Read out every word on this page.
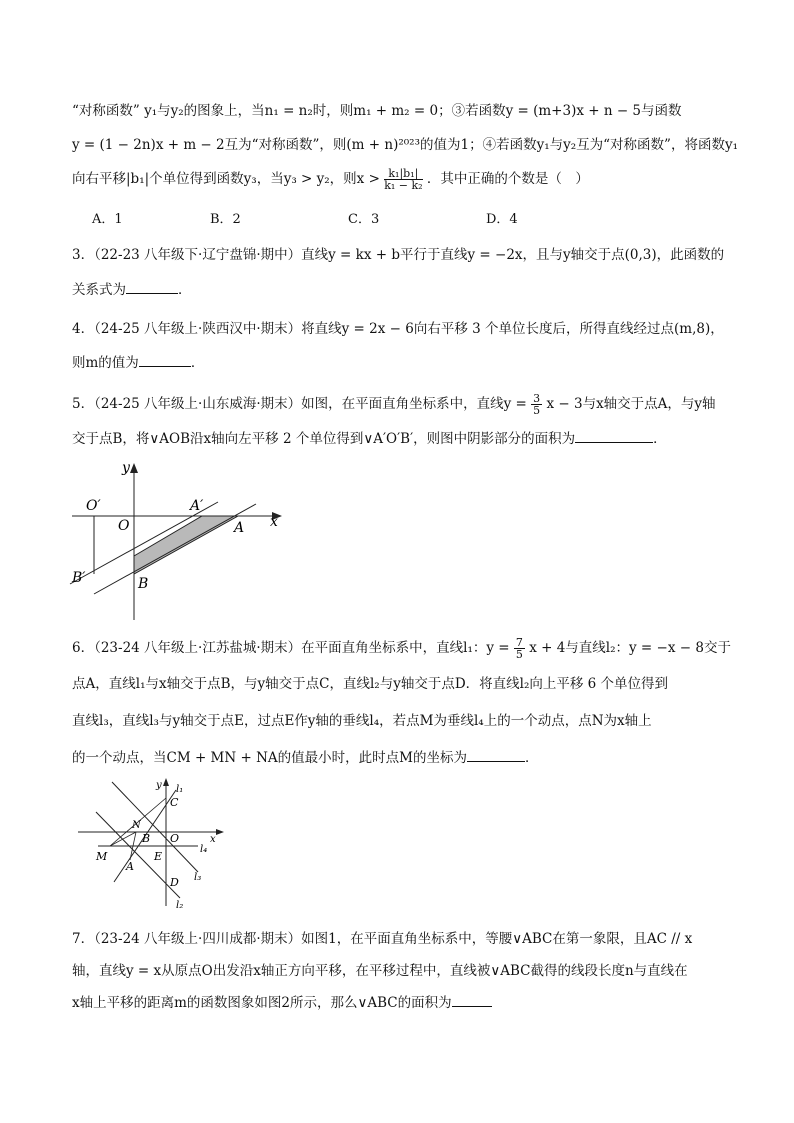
“对称函数” y₁与y₂的图象上，当n₁ = n₂时，则m₁ + m₂ = 0；③若函数y = (m+3)x + n − 5与函数
y = (1 − 2n)x + m − 2互为“对称函数”，则(m + n)²⁰²³的值为1；④若函数y₁与y₂互为“对称函数”，将函数y₁
向右平移|b₁|个单位得到函数y₃，当y₃ > y₂，则$x > \frac{\text{k₁|b₁|}}{\text{k₁ − k₂}}$ ．其中正确的个数是（　）
A．1	B．2	C．3	D．4
3．（22-23 八年级下·辽宁盘锦·期中）直线y = kx + b平行于直线y = −2x，且与y轴交于点(0,3)，此函数的
关系式为	．
4．（24-25 八年级上·陕西汉中·期末）将直线y = 2x − 6向右平移 3 个单位长度后，所得直线经过点(m,8)，
则m的值为	．
5．（24-25 八年级上·山东威海·期末）如图，在平面直角坐标系中，直线$y = \frac{3}{5}$ x − 3与x轴交于点A，与y轴
交于点B，将∨AOB沿x轴向左平移 2 个单位得到∨A′O′B′，则图中阴影部分的面积为	．
y
x
O
O′
A
A′
B
B′
6．（23-24 八年级上·江苏盐城·期末）在平面直角坐标系中，直线l₁：$y = \frac{7}{5}$ x + 4与直线l₂：y = −x − 8交于
点A，直线l₁与x轴交于点B，与y轴交于点C，直线l₂与y轴交于点D．将直线l₂向上平移 6 个单位得到
直线l₃，直线l₃与y轴交于点E，过点E作y轴的垂线l₄，若点M为垂线l₄上的一个动点，点N为x轴上
的一个动点，当CM + MN + NA的值最小时，此时点M的坐标为	．
y
x
l₁
C
N
B O
l₄
M
A
E
l₃
D
l₂
7．（23-24 八年级上·四川成都·期末）如图1，在平面直角坐标系中，等腰∨ABC在第一象限，且AC // x
轴，直线y = x从原点O出发沿x轴正方向平移，在平移过程中，直线被∨ABC截得的线段长度n与直线在
x轴上平移的距离m的函数图象如图2所示，那么∨ABC的面积为
